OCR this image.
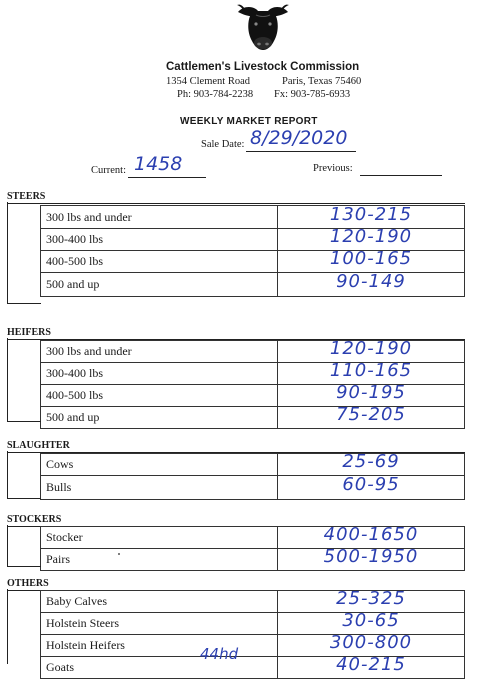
Cattlemen's Livestock Commission
1354 Clement Road	Paris, Texas 75460
Ph: 903-784-2238 Fx: 903-785-6933
WEEKLY MARKET REPORT
Sale Date: 8/29/2020
Current: 1458	Previous:
STEERS
300 lbs and under	130-215
300-400 lbs	120-190
400-500 lbs	100-165
500 and up	90-149
HEIFERS
300 lbs and under	120-190
300-400 lbs	110-165
400-500 lbs	90-195
500 and up	75-205
SLAUGHTER
Cows	25-69
Bulls	60-95
STOCKERS
Stocker	400-1650
Pairs	500-1950
OTHERS
Baby Calves	25-325
Holstein Steers	30-65
Holstein Heifers	300-800
Goats	40-215
44hd
